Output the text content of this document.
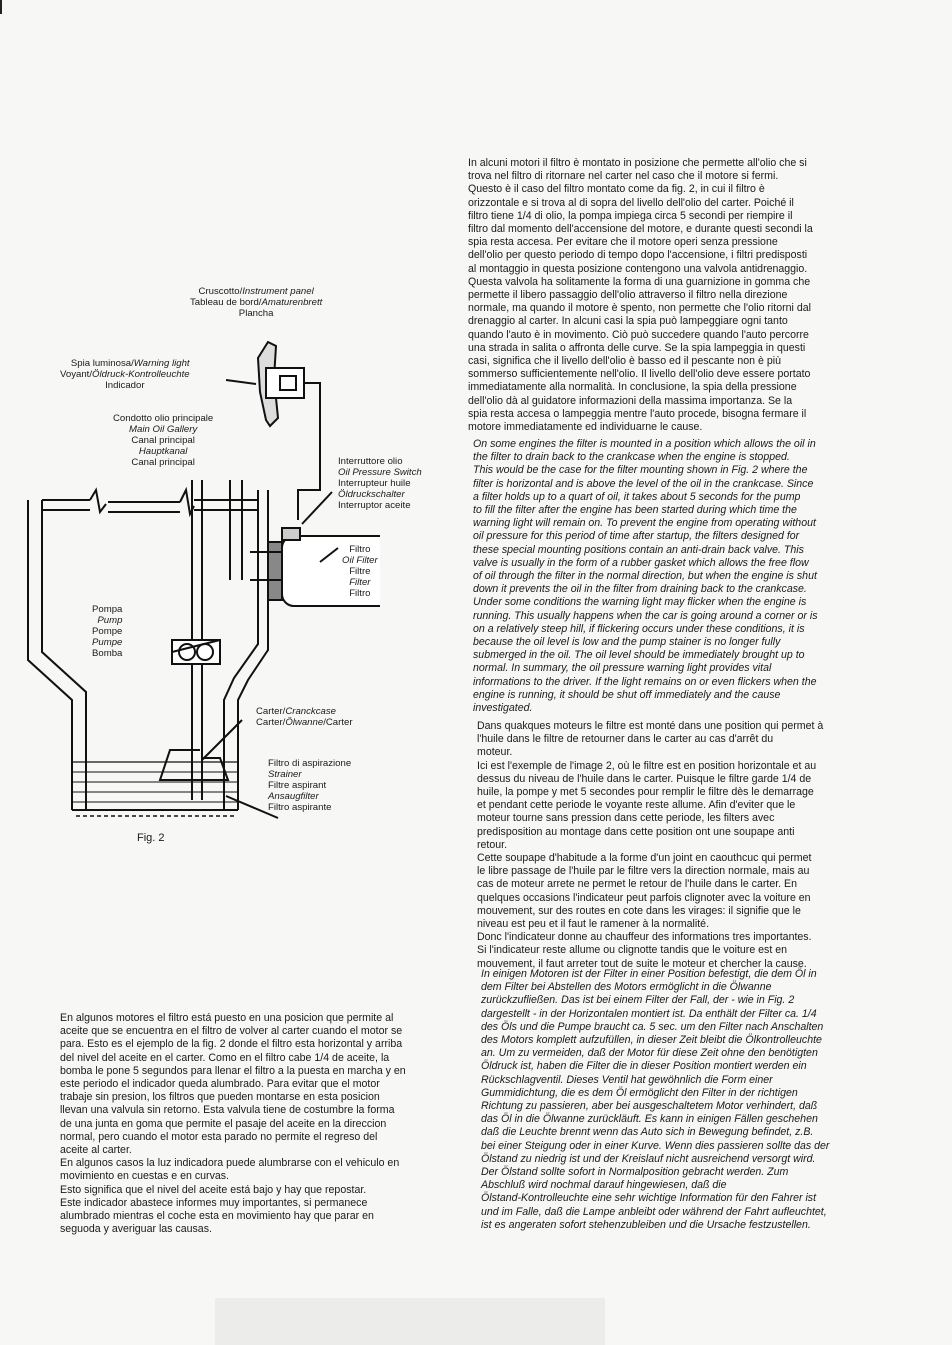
In alcuni motori il filtro è montato in posizione che permette all'olio che si
trova nel filtro di ritornare nel carter nel caso che il motore si fermi.
Questo è il caso del filtro montato come da fig. 2, in cui il filtro è
orizzontale e si trova al di sopra del livello dell'olio del carter. Poiché il
filtro tiene 1/4 di olio, la pompa impiega circa 5 secondi per riempire il
filtro dal momento dell'accensione del motore, e durante questi secondi la
spia resta accesa. Per evitare che il motore operi senza pressione
dell'olio per questo periodo di tempo dopo l'accensione, i filtri predisposti
al montaggio in questa posizione contengono una valvola antidrenaggio.
Questa valvola ha solitamente la forma di una guarnizione in gomma che
permette il libero passaggio dell'olio attraverso il filtro nella direzione
normale, ma quando il motore è spento, non permette che l'olio ritorni dal
drenaggio al carter. In alcuni casi la spia può lampeggiare ogni tanto
quando l'auto è in movimento. Ciò può succedere quando l'auto percorre
una strada in salita o affronta delle curve. Se la spia lampeggia in questi
casi, significa che il livello dell'olio è basso ed il pescante non è più
sommerso sufficientemente nell'olio. Il livello dell'olio deve essere portato
immediatamente alla normalità. In conclusione, la spia della pressione
dell'olio dà al guidatore informazioni della massima importanza. Se la
spia resta accesa o lampeggia mentre l'auto procede, bisogna fermare il
motore immediatamente ed individuarne le cause.

On some engines the filter is mounted in a position which allows the oil in
the filter to drain back to the crankcase when the engine is stopped.
This would be the case for the filter mounting shown in Fig. 2 where the
filter is horizontal and is above the level of the oil in the crankcase. Since
a filter holds up to a quart of oil, it takes about 5 seconds for the pump
to fill the filter after the engine has been started during which time the
warning light will remain on. To prevent the engine from operating without
oil pressure for this period of time after startup, the filters designed for
these special mounting positions contain an anti-drain back valve. This
valve is usually in the form of a rubber gasket which allows the free flow
of oil through the filter in the normal direction, but when the engine is shut
down it prevents the oil in the filter from draining back to the crankcase.
Under some conditions the warning light may flicker when the engine is
running. This usually happens when the car is going around a corner or is
on a relatively steep hill, if flickering occurs under these conditions, it is
because the oil level is low and the pump stainer is no longer fully
submerged in the oil. The oil level should be immediately brought up to
normal. In summary, the oil pressure warning light provides vital
informations to the driver. If the light remains on or even flickers when the
engine is running, it should be shut off immediately and the cause
investigated.

Dans quakques moteurs le filtre est monté dans une position qui permet à
l'huile dans le filtre de retourner dans le carter au cas d'arrêt du
moteur.
Ici est l'exemple de l'image 2, où le filtre est en position horizontale et au
dessus du niveau de l'huile dans le carter. Puisque le filtre garde 1/4 de
huile, la pompe y met 5 secondes pour remplir le filtre dès le demarrage
et pendant cette periode le voyante reste allume. Afin d'eviter que le
moteur tourne sans pression dans cette periode, les filters avec
predisposition au montage dans cette position ont une soupape anti
retour.
Cette soupape d'habitude a la forme d'un joint en caouthcuc qui permet
le libre passage de l'huile par le filtre vers la direction normale, mais au
cas de moteur arrete ne permet le retour de l'huile dans le carter. En
quelques occasions l'indicateur peut parfois clignoter avec la voiture en
mouvement, sur des routes en cote dans les virages: il signifie que le
niveau est peu et il faut le ramener à la normalité.
Donc l'indicateur donne au chauffeur des informations tres importantes.
Si l'indicateur reste allume ou clignotte tandis que le voiture est en
mouvement, il faut arreter tout de suite le moteur et chercher la cause.

In einigen Motoren ist der Filter in einer Position befestigt, die dem Öl in
dem Filter bei Abstellen des Motors ermöglicht in die Ölwanne
zurückzufließen. Das ist bei einem Filter der Fall, der - wie in Fig. 2
dargestellt - in der Horizontalen montiert ist. Da enthält der Filter ca. 1/4
des Öls und die Pumpe braucht ca. 5 sec. um den Filter nach Anschalten
des Motors komplett aufzufüllen, in dieser Zeit bleibt die Ölkontrolleuchte
an. Um zu vermeiden, daß der Motor für diese Zeit ohne den benötigten
Öldruck ist, haben die Filter die in dieser Position montiert werden ein
Rückschlagventil. Dieses Ventil hat gewöhnlich die Form einer
Gummidichtung, die es dem Öl ermöglicht den Filter in der richtigen
Richtung zu passieren, aber bei ausgeschaltetem Motor verhindert, daß
das Öl in die Ölwanne zurückläuft. Es kann in einigen Fällen geschehen
daß die Leuchte brennt wenn das Auto sich in Bewegung befindet, z.B.
bei einer Steigung oder in einer Kurve. Wenn dies passieren sollte das der
Ölstand zu niedrig ist und der Kreislauf nicht ausreichend versorgt wird.
Der Ölstand sollte sofort in Normalposition gebracht werden. Zum
Abschluß wird nochmal darauf hingewiesen, daß die
Ölstand-Kontrolleuchte eine sehr wichtige Information für den Fahrer ist
und im Falle, daß die Lampe anbleibt oder während der Fahrt aufleuchtet,
ist es angeraten sofort stehenzubleiben und die Ursache festzustellen.

En algunos motores el filtro está puesto en una posicion que permite al
aceite que se encuentra en el filtro de volver al carter cuando el motor se
para. Esto es el ejemplo de la fig. 2 donde el filtro esta horizontal y arriba
del nivel del aceite en el carter. Como en el filtro cabe 1/4 de aceite, la
bomba le pone 5 segundos para llenar el filtro a la puesta en marcha y en
este periodo el indicador queda alumbrado. Para evitar que el motor
trabaje sin presion, los filtros que pueden montarse en esta posicion
llevan una valvula sin retorno. Esta valvula tiene de costumbre la forma
de una junta en goma que permite el pasaje del aceite en la direccion
normal, pero cuando el motor esta parado no permite el regreso del
aceite al carter.
En algunos casos la luz indicadora puede alumbrarse con el vehiculo en
movimiento en cuestas e en curvas.
Esto significa que el nivel del aceite está bajo y hay que repostar.
Este indicador abastece informes muy importantes, si permanece
alumbrado mientras el coche esta en movimiento hay que parar en
seguoda y averiguar las causas.

Cruscotto/Instrument panel
Tableau de bord/Amaturenbrett
Plancha
Spia luminosa/Warning light
Voyant/Öldruck-Kontrolleuchte
Indicador
Condotto olio principale
Main Oil Gallery
Canal principal
Hauptkanal
Canal principal	Interruttore olio
Oil Pressure Switch
Interrupteur huile
Öldruckschalter
Interruptor aceite
Filtro
Oil Filter
Filtre
Filter
Filtro
Pompa
Pump
Pompe
Pumpe
Bomba
Carter/Cranckcase
Carter/Ölwanne/Carter
Filtro di aspirazione
Strainer
Filtre aspirant
Ansaugfilter
Filtro aspirante
Fig. 2
